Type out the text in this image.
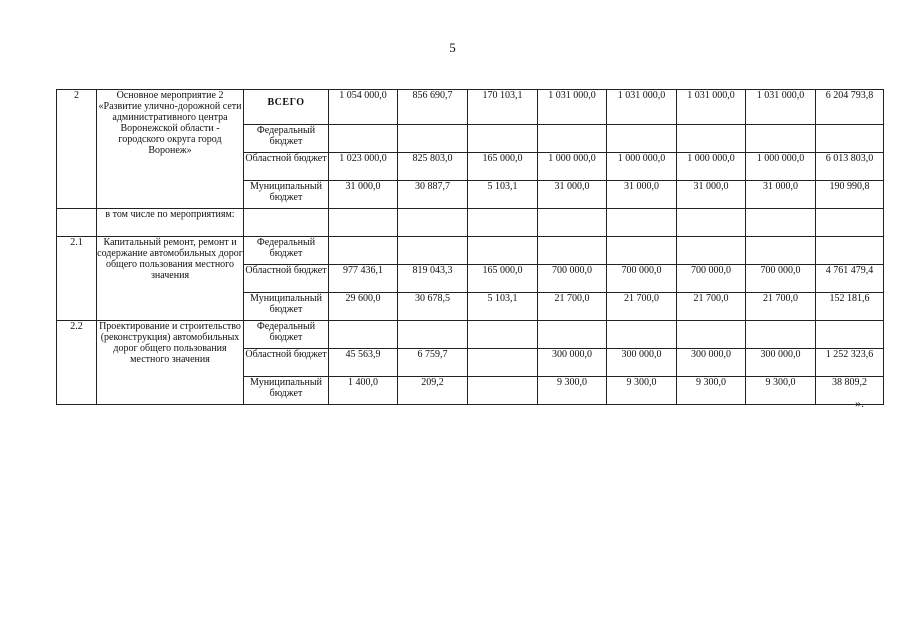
5
2	Основное мероприятие 2 «Развитие улично-дорожной сети административного центра Воронежской области - городского округа город Воронеж»	ВСЕГО	1 054 000,0	856 690,7	170 103,1	1 031 000,0	1 031 000,0	1 031 000,0	1 031 000,0	6 204 793,8
		Федеральный бюджет								
		Областной бюджет	1 023 000,0	825 803,0	165 000,0	1 000 000,0	1 000 000,0	1 000 000,0	1 000 000,0	6 013 803,0
		Муниципальный бюджет	31 000,0	30 887,7	5 103,1	31 000,0	31 000,0	31 000,0	31 000,0	190 990,8
	в том числе по мероприятиям:									
2.1	Капитальный ремонт, ремонт и содержание автомобильных дорог общего пользования местного значения	Федеральный бюджет								
		Областной бюджет	977 436,1	819 043,3	165 000,0	700 000,0	700 000,0	700 000,0	700 000,0	4 761 479,4
		Муниципальный бюджет	29 600,0	30 678,5	5 103,1	21 700,0	21 700,0	21 700,0	21 700,0	152 181,6
2.2	Проектирование и строительство (реконструкция) автомобильных дорог общего пользования местного значения	Федеральный бюджет								
		Областной бюджет	45 563,9	6 759,7		300 000,0	300 000,0	300 000,0	300 000,0	1 252 323,6
		Муниципальный бюджет	1 400,0	209,2		9 300,0	9 300,0	9 300,0	9 300,0	38 809,2
».
